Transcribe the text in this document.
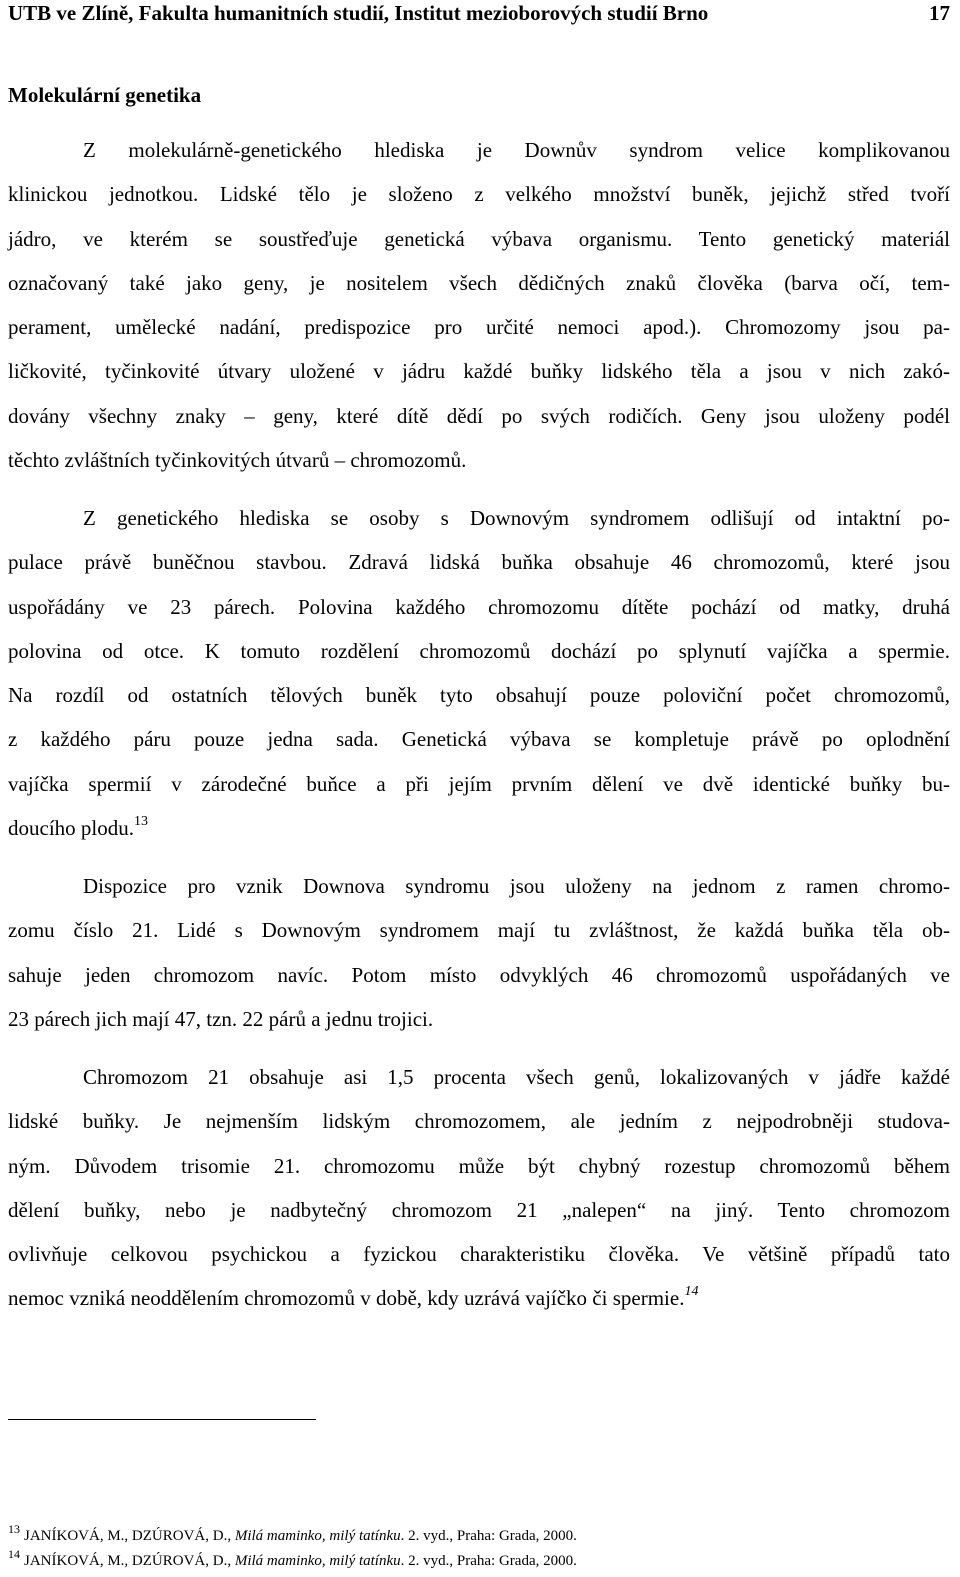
UTB ve Zlíně, Fakulta humanitních studií, Institut mezioborových studií Brno	17
Molekulární genetika
Z molekulárně-genetického hlediska je Downův syndrom velice komplikovanou
klinickou jednotkou. Lidské tělo je složeno z velkého množství buněk, jejichž střed tvoří
jádro, ve kterém se soustřeďuje genetická výbava organismu. Tento genetický materiál
označovaný také jako geny, je nositelem všech dědičných znaků člověka (barva očí, tem-
perament, umělecké nadání, predispozice pro určité nemoci apod.). Chromozomy jsou pa-
ličkovité, tyčinkovité útvary uložené v jádru každé buňky lidského těla a jsou v nich zakó-
dovány všechny znaky – geny, které dítě dědí po svých rodičích. Geny jsou uloženy podél
těchto zvláštních tyčinkovitých útvarů – chromozomů.
Z genetického hlediska se osoby s Downovým syndromem odlišují od intaktní po-
pulace právě buněčnou stavbou. Zdravá lidská buňka obsahuje 46 chromozomů, které jsou
uspořádány ve 23 párech. Polovina každého chromozomu dítěte pochází od matky, druhá
polovina od otce. K tomuto rozdělení chromozomů dochází po splynutí vajíčka a spermie.
Na rozdíl od ostatních tělových buněk tyto obsahují pouze poloviční počet chromozomů,
z každého páru pouze jedna sada. Genetická výbava se kompletuje právě po oplodnění
vajíčka spermií v zárodečné buňce a při jejím prvním dělení ve dvě identické buňky bu-
doucího plodu.$^{13}$
Dispozice pro vznik Downova syndromu jsou uloženy na jednom z ramen chromo-
zomu číslo 21. Lidé s Downovým syndromem mají tu zvláštnost, že každá buňka těla ob-
sahuje jeden chromozom navíc. Potom místo odvyklých 46 chromozomů uspořádaných ve
23 párech jich mají 47, tzn. 22 párů a jednu trojici.
Chromozom 21 obsahuje asi 1,5 procenta všech genů, lokalizovaných v jádře každé
lidské buňky. Je nejmenším lidským chromozomem, ale jedním z nejpodrobněji studova-
ným. Důvodem trisomie 21. chromozomu může být chybný rozestup chromozomů během
dělení buňky, nebo je nadbytečný chromozom 21 „nalepen“ na jiný. Tento chromozom
ovlivňuje celkovou psychickou a fyzickou charakteristiku člověka. Ve většině případů tato
nemoc vzniká neoddělením chromozomů v době, kdy uzrává vajíčko či spermie.$^{14}$
$^{13}$ JANÍKOVÁ, M., DZÚROVÁ, D., Milá maminko, milý tatínku. 2. vyd., Praha: Grada, 2000.
$^{14}$ JANÍKOVÁ, M., DZÚROVÁ, D., Milá maminko, milý tatínku. 2. vyd., Praha: Grada, 2000.
